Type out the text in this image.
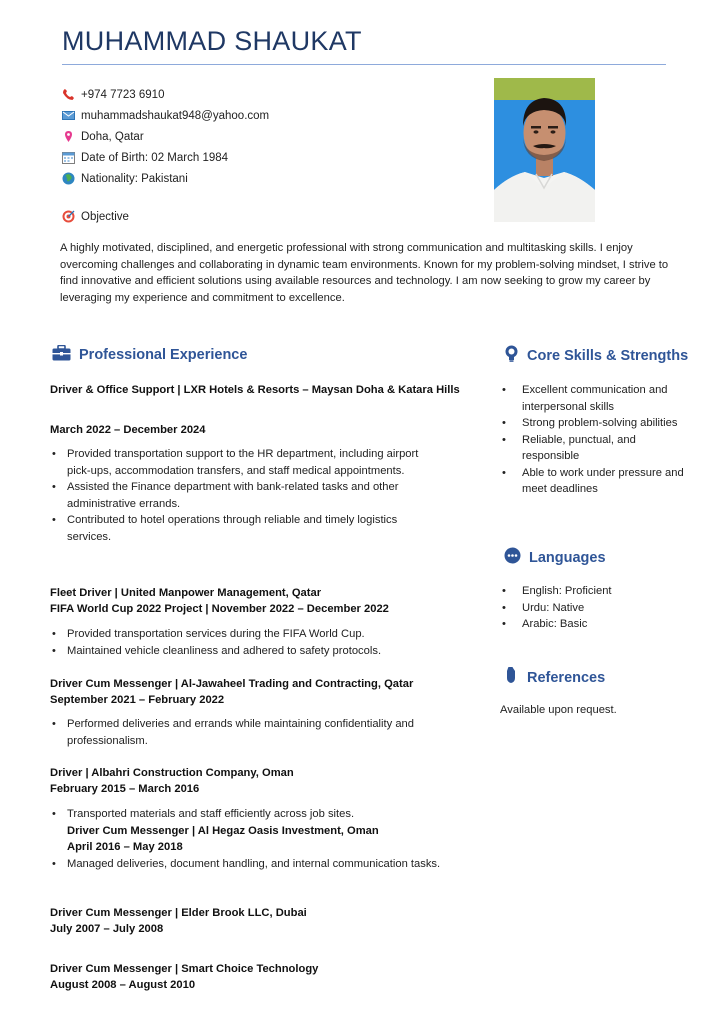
MUHAMMAD SHAUKAT
+974 7723 6910
muhammadshaukat948@yahoo.com
Doha, Qatar
Date of Birth: 02 March 1984
Nationality: Pakistani
Objective
A highly motivated, disciplined, and energetic professional with strong communication and multitasking skills. I enjoy overcoming challenges and collaborating in dynamic team environments. Known for my problem-solving mindset, I strive to find innovative and efficient solutions using available resources and technology. I am now seeking to grow my career by leveraging my experience and commitment to excellence.
Professional Experience
Driver & Office Support | LXR Hotels & Resorts – Maysan Doha & Katara Hills
March 2022 – December 2024
• Provided transportation support to the HR department, including airport pick-ups, accommodation transfers, and staff medical appointments.
• Assisted the Finance department with bank-related tasks and other administrative errands.
• Contributed to hotel operations through reliable and timely logistics services.
Fleet Driver | United Manpower Management, Qatar
FIFA World Cup 2022 Project | November 2022 – December 2022
• Provided transportation services during the FIFA World Cup.
• Maintained vehicle cleanliness and adhered to safety protocols.
Driver Cum Messenger | Al-Jawaheel Trading and Contracting, Qatar
September 2021 – February 2022
• Performed deliveries and errands while maintaining confidentiality and professionalism.
Driver | Albahri Construction Company, Oman
February 2015 – March 2016
• Transported materials and staff efficiently across job sites.
Driver Cum Messenger | Al Hegaz Oasis Investment, Oman
April 2016 – May 2018
• Managed deliveries, document handling, and internal communication tasks.
Driver Cum Messenger | Elder Brook LLC, Dubai
July 2007 – July 2008
Driver Cum Messenger | Smart Choice Technology
August 2008 – August 2010
Core Skills & Strengths
• Excellent communication and interpersonal skills
• Strong problem-solving abilities
• Reliable, punctual, and responsible
• Able to work under pressure and meet deadlines
Languages
• English: Proficient
• Urdu: Native
• Arabic: Basic
References
Available upon request.
